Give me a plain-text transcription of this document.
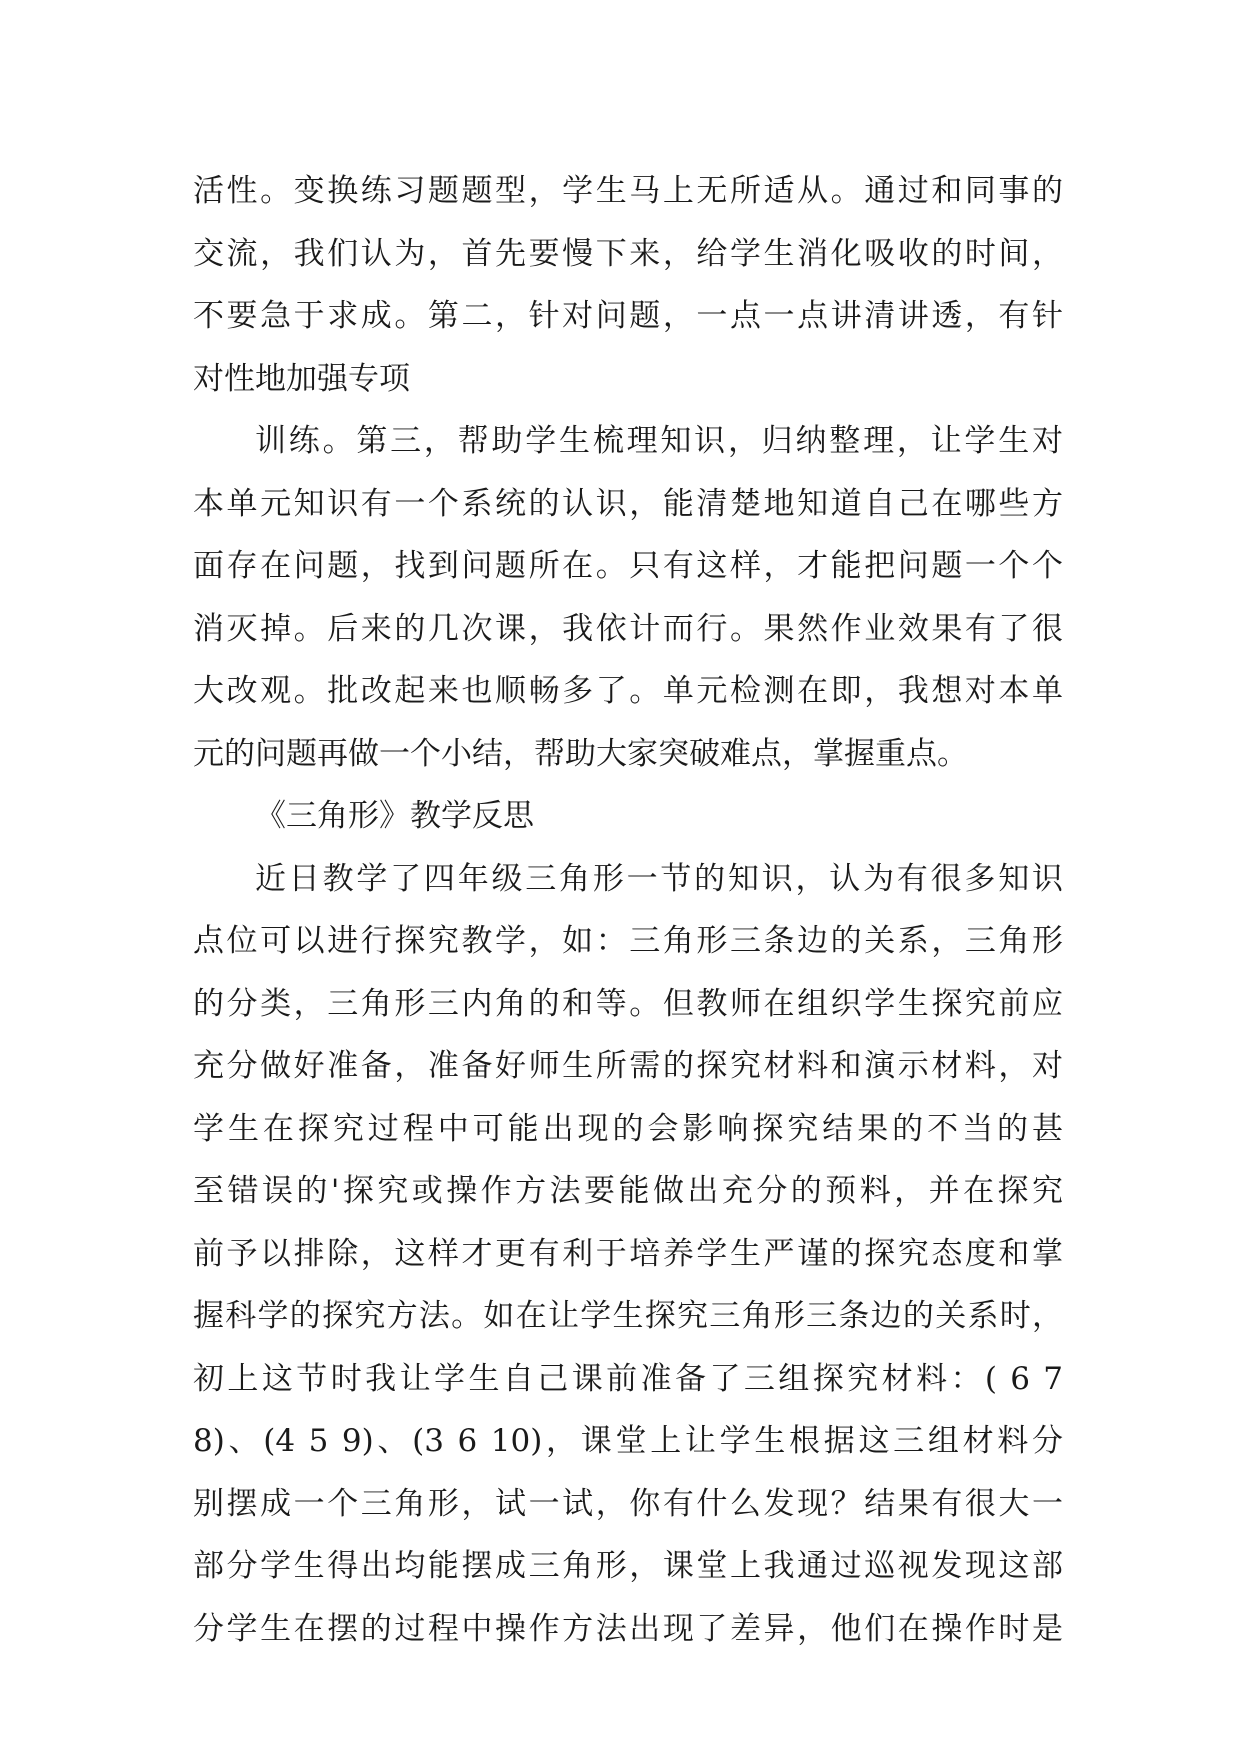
活性。变换练习题题型，学生马上无所适从。通过和同事的
交流，我们认为，首先要慢下来，给学生消化吸收的时间，
不要急于求成。第二，针对问题，一点一点讲清讲透，有针
对性地加强专项
训练。第三，帮助学生梳理知识，归纳整理，让学生对
本单元知识有一个系统的认识，能清楚地知道自己在哪些方
面存在问题，找到问题所在。只有这样，才能把问题一个个
消灭掉。后来的几次课，我依计而行。果然作业效果有了很
大改观。批改起来也顺畅多了。单元检测在即，我想对本单
元的问题再做一个小结，帮助大家突破难点，掌握重点。
《三角形》教学反思
近日教学了四年级三角形一节的知识，认为有很多知识
点位可以进行探究教学，如：三角形三条边的关系，三角形
的分类，三角形三内角的和等。但教师在组织学生探究前应
充分做好准备，准备好师生所需的探究材料和演示材料，对
学生在探究过程中可能出现的会影响探究结果的不当的甚
至错误的'探究或操作方法要能做出充分的预料，并在探究
前予以排除，这样才更有利于培养学生严谨的探究态度和掌
握科学的探究方法。如在让学生探究三角形三条边的关系时，
初上这节时我让学生自己课前准备了三组探究材料：( 6 7
8)、(4 5 9)、(3 6 10)，课堂上让学生根据这三组材料分
别摆成一个三角形，试一试，你有什么发现？结果有很大一
部分学生得出均能摆成三角形，课堂上我通过巡视发现这部
分学生在摆的过程中操作方法出现了差异，他们在操作时是
